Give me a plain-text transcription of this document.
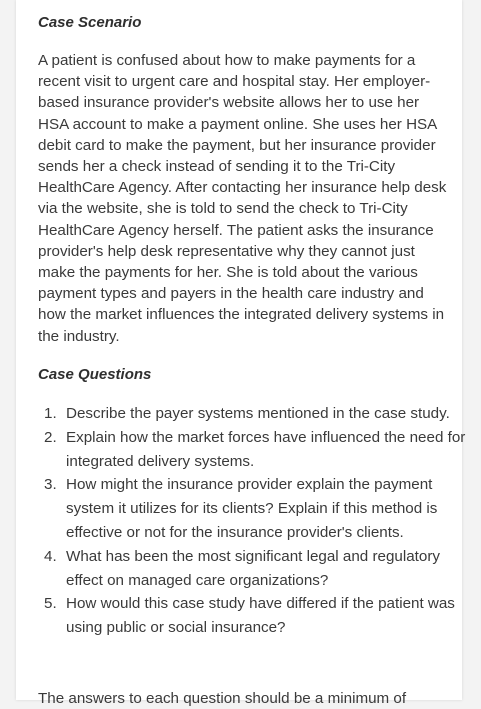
Case Scenario

A patient is confused about how to make payments for a recent visit to urgent care and hospital stay. Her employer-based insurance provider's website allows her to use her HSA account to make a payment online. She uses her HSA debit card to make the payment, but her insurance provider sends her a check instead of sending it to the Tri-City HealthCare Agency. After contacting her insurance help desk via the website, she is told to send the check to Tri-City HealthCare Agency herself. The patient asks the insurance provider's help desk representative why they cannot just make the payments for her. She is told about the various payment types and payers in the health care industry and how the market influences the integrated delivery systems in the industry.

Case Questions
Describe the payer systems mentioned in the case study.
Explain how the market forces have influenced the need for integrated delivery systems.
How might the insurance provider explain the payment system it utilizes for its clients? Explain if this method is effective or not for the insurance provider's clients.
What has been the most significant legal and regulatory effect on managed care organizations?
How would this case study have differed if the patient was using public or social insurance?

The answers to each question should be a minimum of
